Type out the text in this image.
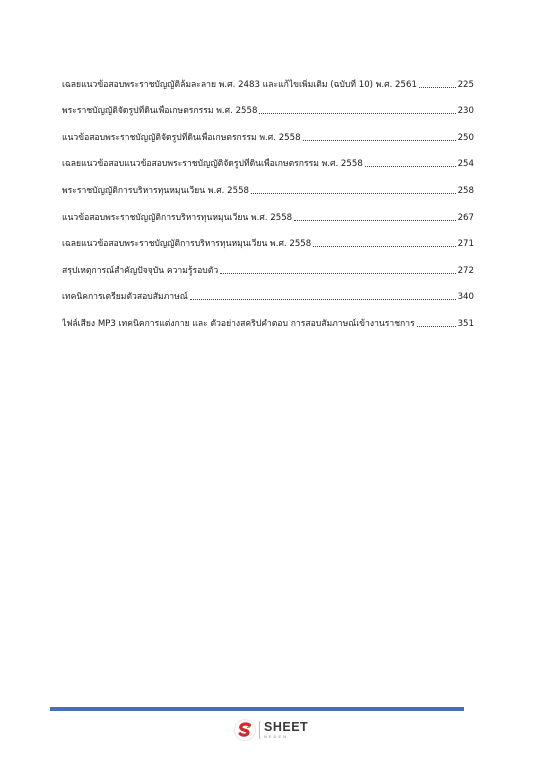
เฉลยแนวข้อสอบพระราชบัญญัติล้มละลาย พ.ศ. 2483 และแก้ไขเพิ่มเติม (ฉบับที่ 10) พ.ศ. 2561	225
พระราชบัญญัติจัดรูปที่ดินเพื่อเกษตรกรรม พ.ศ. 2558	230
แนวข้อสอบพระราชบัญญัติจัดรูปที่ดินเพื่อเกษตรกรรม พ.ศ. 2558	250
เฉลยแนวข้อสอบแนวข้อสอบพระราชบัญญัติจัดรูปที่ดินเพื่อเกษตรกรรม พ.ศ. 2558	254
พระราชบัญญัติการบริหารทุนหมุนเวียน พ.ศ. 2558	258
แนวข้อสอบพระราชบัญญัติการบริหารทุนหมุนเวียน พ.ศ. 2558	267
เฉลยแนวข้อสอบพระราชบัญญัติการบริหารทุนหมุนเวียน พ.ศ. 2558	271
สรุปเหตุการณ์สำคัญปัจจุบัน ความรู้รอบตัว	272
เทคนิคการเตรียมตัวสอบสัมภาษณ์	340
ไฟล์เสียง MP3 เทคนิคการแต่งกาย และ ตัวอย่างสคริปคำตอบ การสอบสัมภาษณ์เข้างานราชการ	351
SHEET
NEDEN
